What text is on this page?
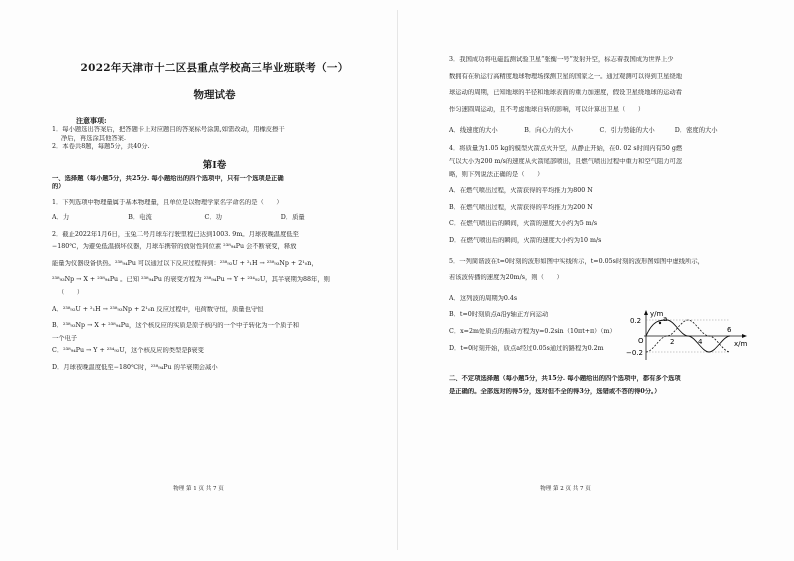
2022年天津市十二区县重点学校高三毕业班联考（一）
物理试卷
注意事项:
1．每小题选出答案后，把答题卡上对应题目的答案标号涂黑,如需改动，用橡皮擦干
净后，再选涂其他答案.
2．本卷共8题，每题5分，共40分.
第Ⅰ卷
一、选择题（每小题5分，共25分. 每小题给出的四个选项中，只有一个选项是正确
的）
1．下列选项中物理量属于基本物理量，且单位是以物理学家名字命名的是（　　）
A．力	B．电流	C．功	D．质量
2．截止2022年1月6日，玉兔二号月球车行驶里程已达到1003. 9m。月球夜晚温度低至
−180℃，为避免低温损坏仪器，月球车携带的放射性同位素 ²³⁸₉₄Pu 会不断衰变，释放
能量为仪器设备供热。²³⁸₉₄Pu 可以通过以下反应过程得到：²³⁸₉₂U + ²₁H → ²³⁸₉₃Np + 2¹₀n，
²³⁸₉₃Np → X + ²³⁸₉₄Pu 。已知 ²³⁸₉₄Pu 的衰变方程为 ²³⁸₉₄Pu → Y + ²³⁴₉₂U，其半衰期为88年，则
（　　）
A．²³⁸₉₂U + ²₁H → ²³⁸₉₃Np + 2¹₀n 反应过程中，电荷数守恒，质量也守恒
B．²³⁸₉₃Np → X + ²³⁸₉₄Pu，这个核反应的实质是原子核内的一个中子转化为一个质子和
一个电子
C．²³⁸₉₄Pu → Y + ²³⁴₉₂U，这个核反应的类型是β衰变
D．月球夜晚温度低至−180℃时，²³⁸₉₄Pu 的半衰期会减小
物理 第 1 页 共 7 页
3．我国成功将电磁监测试验卫星“张衡一号”发射升空，标志着我国成为世界上少
数拥有在轨运行高精度地球物理场探测卫星的国家之一。通过观测可以得到卫星绕地
球运动的周期，已知地球的半径和地球表面的重力加速度，假设卫星绕地球的运动看
作匀速圆周运动，且不考虑地球自转的影响，可以计算出卫星（　　）
A．线速度的大小	B．向心力的大小	C．引力势能的大小	D．密度的大小
4．将质量为1.05 kg的模型火箭点火升空，从静止开始，在0. 02 s时间内有50 g燃
气以大小为200 m/s的速度从火箭尾部喷出，且燃气喷出过程中重力和空气阻力可忽
略，则下列说法正确的是（　　）
A．在燃气喷出过程，火箭获得的平均推力为800 N
B．在燃气喷出过程，火箭获得的平均推力为200 N
C．在燃气喷出后的瞬间，火箭的速度大小约为5 m/s
D．在燃气喷出后的瞬间，火箭的速度大小约为10 m/s
5．一列简谐波在t=0时刻的波形如图中实线所示，t=0.05s时刻的波形图如图中虚线所示，
若该波传播的速度为20m/s，则（　　）
A．这列波的周期为0.4s
B．t=0时刻质点a沿y轴正方向运动
C．x=2m处质点的振动方程为y=0.2sin（10πt+π）（m）
D．t=0时刻开始，质点a经过0.05s通过的路程为0.2m
二、不定项选择题（每小题5分，共15分. 每小题给出的四个选项中，都有多个选项
是正确的。全部选对的得5分，选对但不全的得3分，选错或不答的得0分。）
物理 第 2 页 共 7 页
y/m
x/m
0.2
O
−0.2
2	4
6
a
